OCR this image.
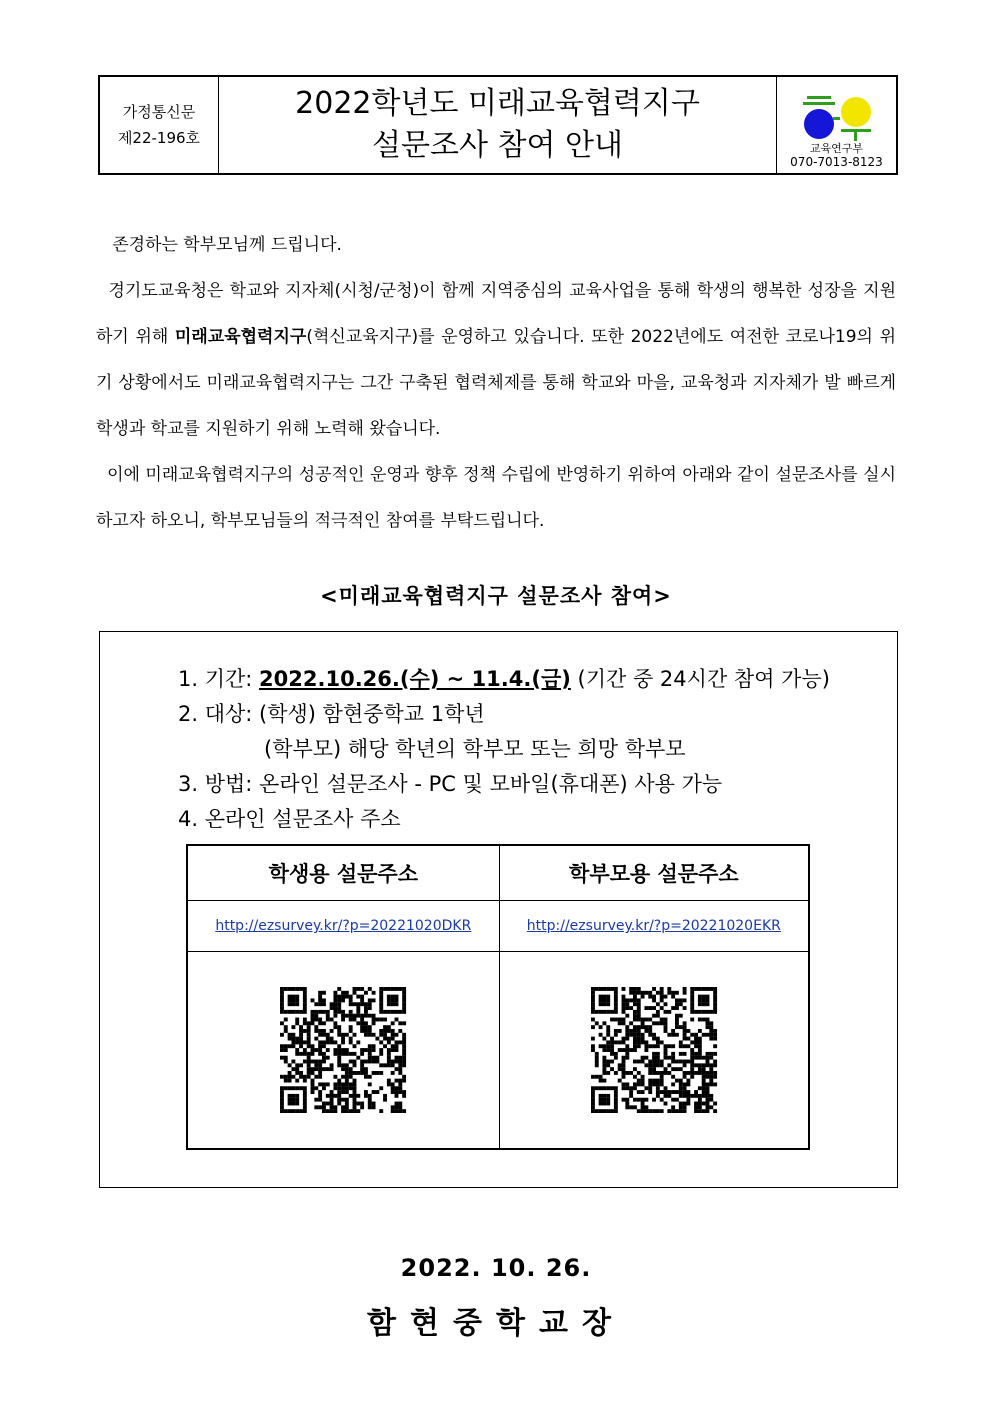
가정통신문
제22-196호
2022학년도 미래교육협력지구
설문조사 참여 안내	교육연구부
070-7013-8123

존경하는 학부모님께 드립니다.

경기도교육청은 학교와 지자체(시청/군청)이 함께 지역중심의 교육사업을 통해 학생의 행복한 성장을 지원하기 위해 미래교육협력지구(혁신교육지구)를 운영하고 있습니다. 또한 2022년에도 여전한 코로나19의 위기 상황에서도 미래교육협력지구는 그간 구축된 협력체제를 통해 학교와 마을, 교육청과 지자체가 발 빠르게 학생과 학교를 지원하기 위해 노력해 왔습니다.

이에 미래교육협력지구의 성공적인 운영과 향후 정책 수립에 반영하기 위하여 아래와 같이 설문조사를 실시하고자 하오니, 학부모님들의 적극적인 참여를 부탁드립니다.

<미래교육협력지구 설문조사 참여>
1. 기간: 2022.10.26.(수) ~ 11.4.(금) (기간 중 24시간 참여 가능)
2. 대상: (학생) 함현중학교 1학년
(학부모) 해당 학년의 학부모 또는 희망 학부모
3. 방법: 온라인 설문조사 - PC 및 모바일(휴대폰) 사용 가능
4. 온라인 설문조사 주소
학생용 설문주소	학부모용 설문주소
http://ezsurvey.kr/?p=20221020DKR	http://ezsurvey.kr/?p=20221020EKR

2022. 10. 26.
함현중학교장
